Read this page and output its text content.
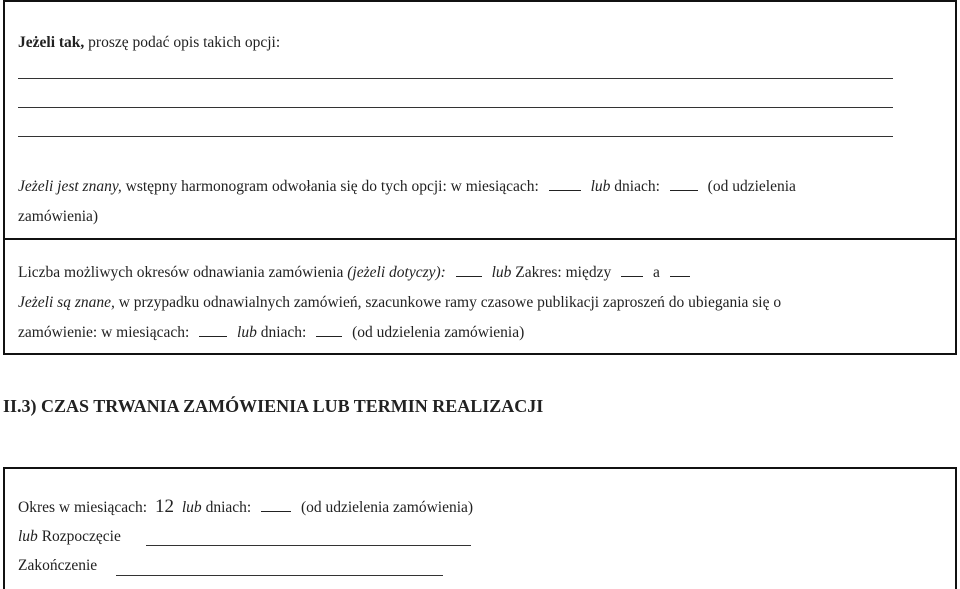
Jeżeli tak, proszę podać opis takich opcji:
Jeżeli jest znany, wstępny harmonogram odwołania się do tych opcji: w miesiącach:	lub dniach:	(od udzielenia
zamówienia)
Liczba możliwych okresów odnawiania zamówienia (jeżeli dotyczy):	lub Zakres: między	a
Jeżeli są znane, w przypadku odnawialnych zamówień, szacunkowe ramy czasowe publikacji zaproszeń do ubiegania się o
zamówienie: w miesiącach:	lub dniach:	(od udzielenia zamówienia)
II.3) CZAS TRWANIA ZAMÓWIENIA LUB TERMIN REALIZACJI
Okres w miesiącach: 12 lub dniach:	(od udzielenia zamówienia)
lub Rozpoczęcie
Zakończenie
